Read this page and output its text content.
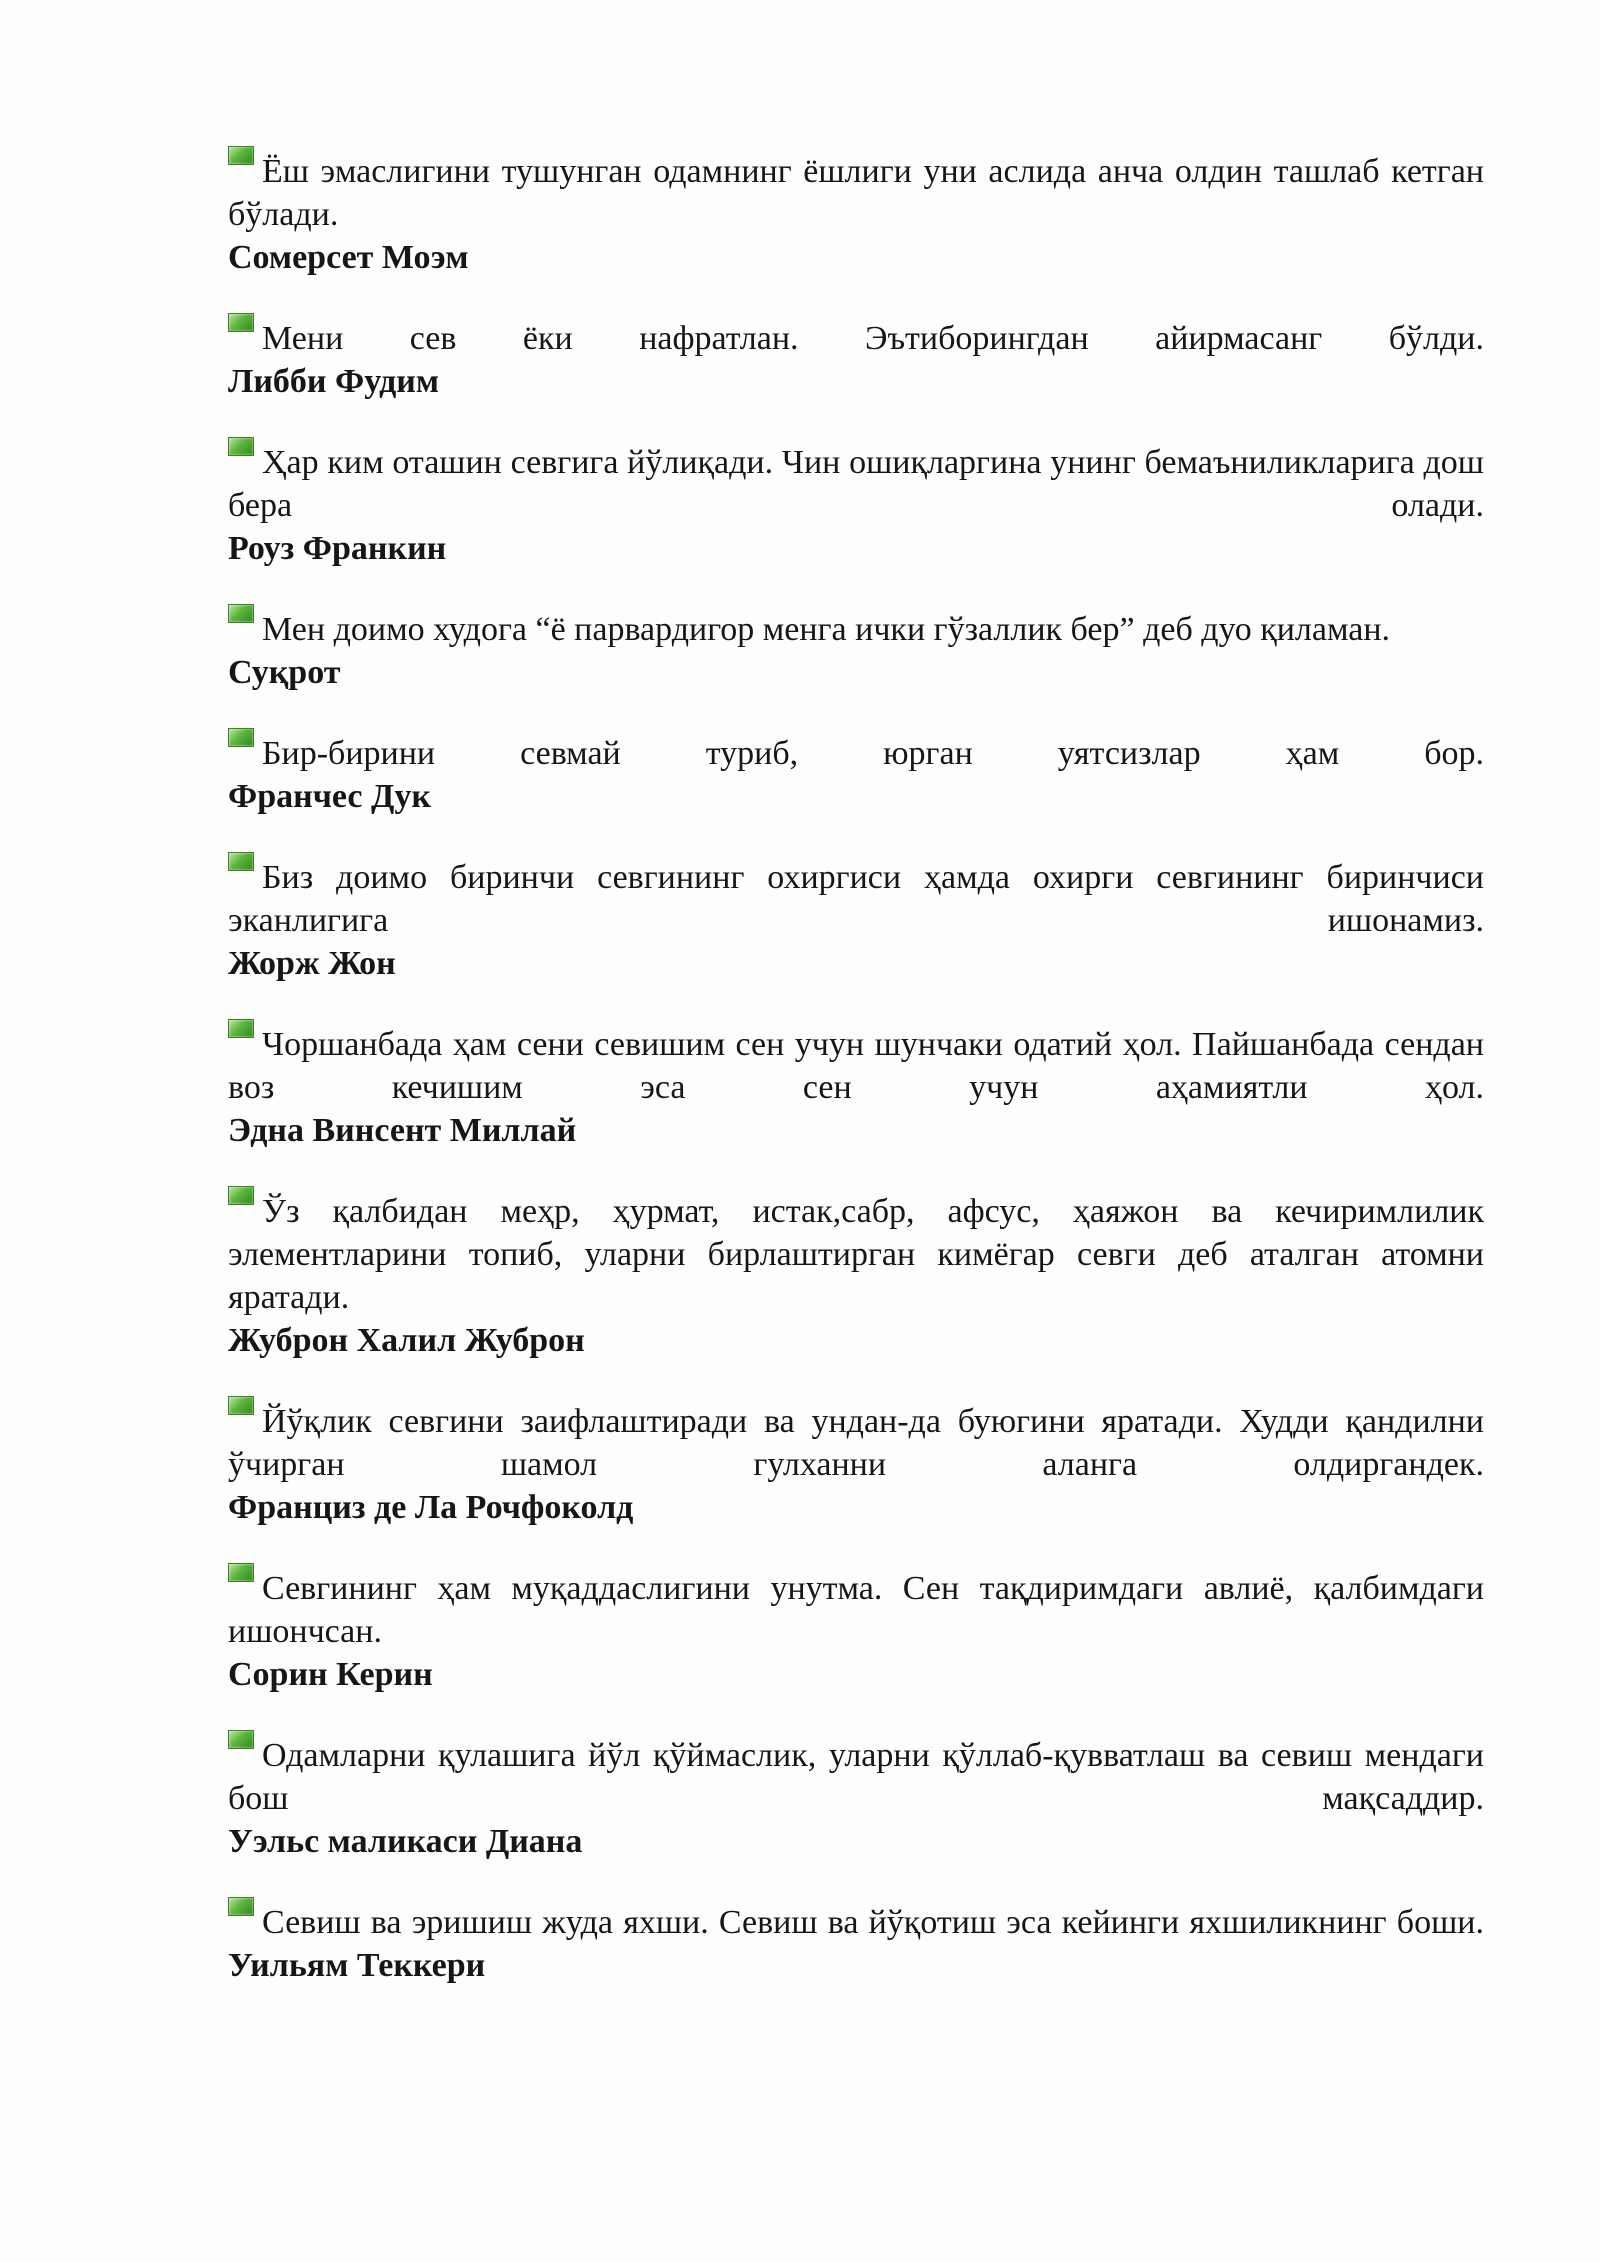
Ёш эмаслигини тушунган одамнинг ёшлиги уни аслида анча олдин ташлаб кетган бўлади.

Сомерсет Моэм

Мени сев ёки нафратлан. Эътиборингдан айирмасанг бўлди.

Либби Фудим

Ҳар ким оташин севгига йўлиқади. Чин ошиқларгина унинг бемаъниликларига дош бера олади.

Роуз Франкин

Мен доимо худога “ё парвардигор менга ички гўзаллик бер” деб дуо қиламан.

Суқрот

Бир-бирини севмай туриб, юрган уятсизлар ҳам бор.

Франчес Дук

Биз доимо биринчи севгининг охиргиси ҳамда охирги севгининг биринчиси эканлигига ишонамиз.

Жорж Жон

Чоршанбада ҳам сени севишим сен учун шунчаки одатий ҳол. Пайшанбада сендан воз кечишим эса сен учун аҳамиятли ҳол.

Эдна Винсент Миллай

Ўз қалбидан меҳр, ҳурмат, истак,сабр, афсус, ҳаяжон ва кечиримлилик элементларини топиб, уларни бирлаштирган кимёгар севги деб аталган атомни яратади.

Жуброн Халил Жуброн

Йўқлик севгини заифлаштиради ва ундан-да буюгини яратади. Худди қандилни ўчирган шамол гулханни аланга олдиргандек.

Франциз де Ла Рочфоколд

Севгининг ҳам муқаддаслигини унутма. Сен тақдиримдаги авлиё, қалбимдаги ишончсан.

Сорин Керин

Одамларни қулашига йўл қўймаслик, уларни қўллаб-қувватлаш ва севиш мендаги бош мақсаддир.

Уэльс маликаси Диана

Севиш ва эришиш жуда яхши. Севиш ва йўқотиш эса кейинги яхшиликнинг боши.

Уильям Теккери
